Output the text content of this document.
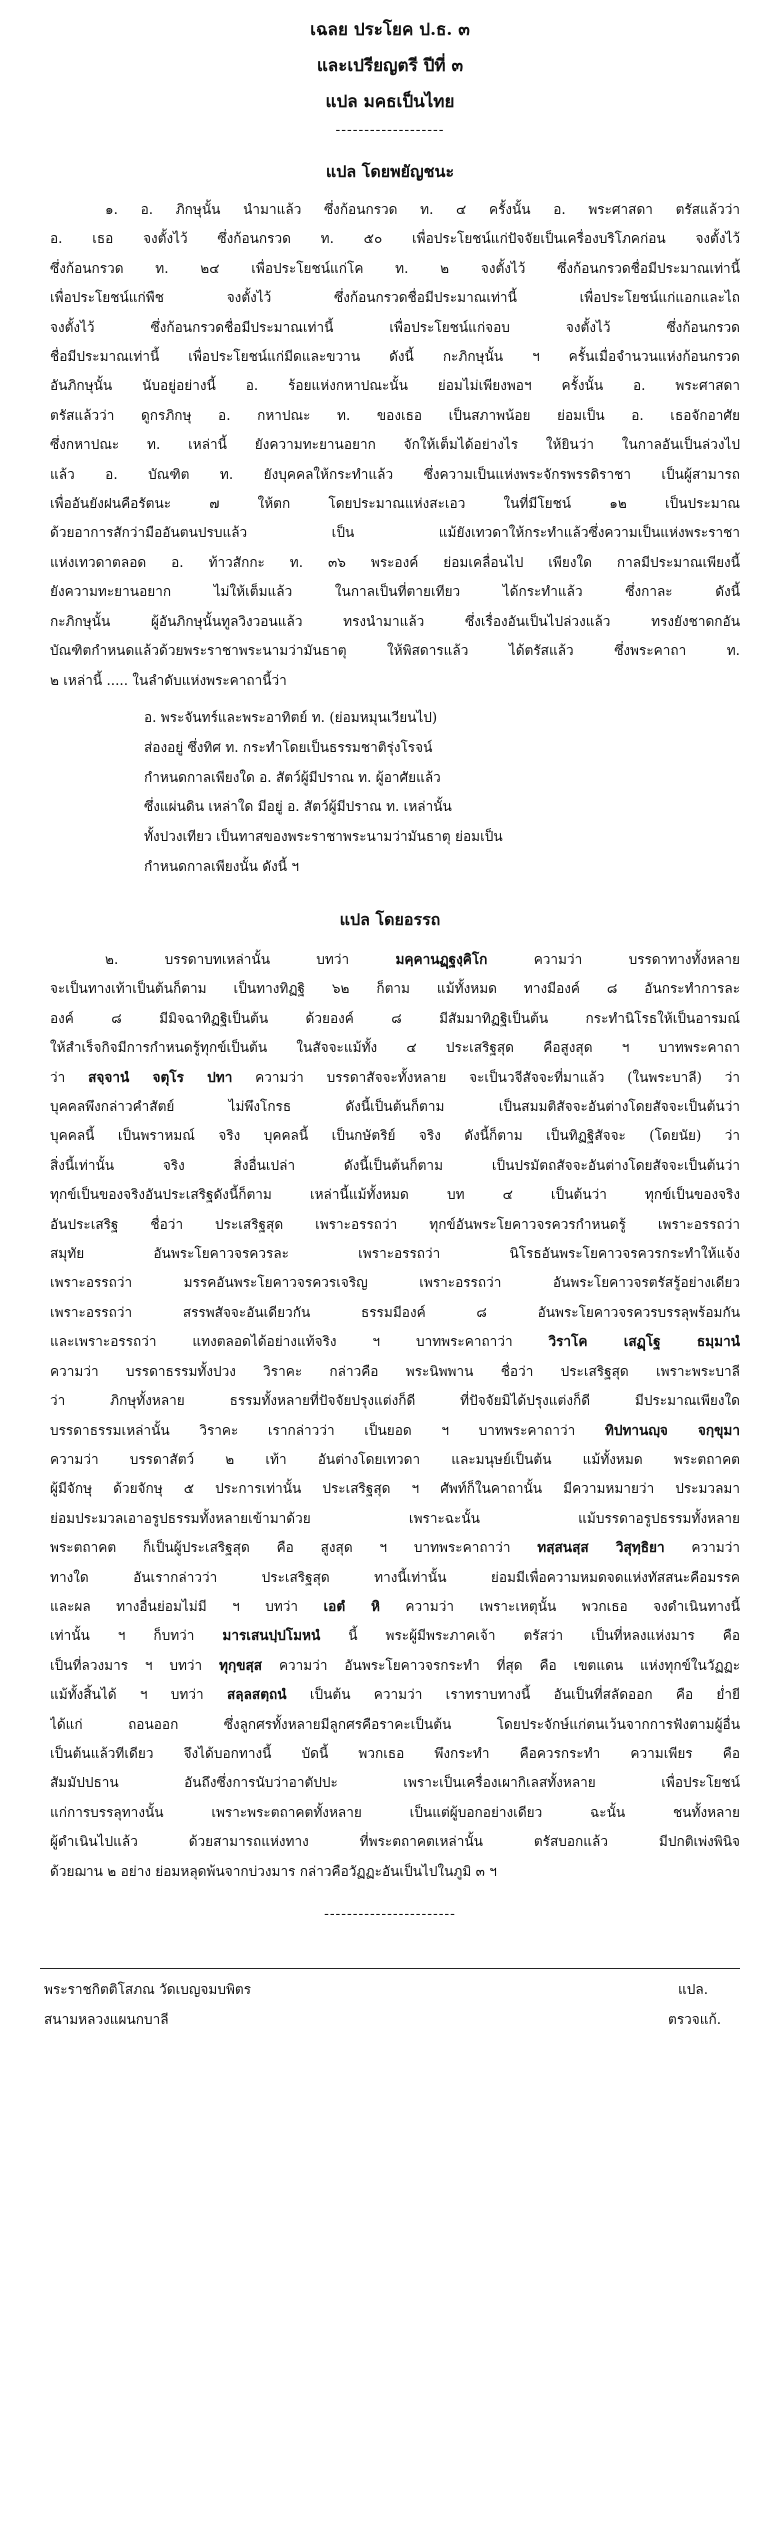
เฉลย ประโยค ป.ธ. ๓
และเปรียญตรี ปีที่ ๓
แปล มคธเป็นไทย
-------------------
แปล โดยพยัญชนะ
๑. อ. ภิกษุนั้น นำมาแล้ว ซึ่งก้อนกรวด ท. ๔ ครั้งนั้น อ. พระศาสดา ตรัสแล้วว่า
อ. เธอ จงตั้งไว้ ซึ่งก้อนกรวด ท. ๕๐ เพื่อประโยชน์แก่ปัจจัยเป็นเครื่องบริโภคก่อน จงตั้งไว้
ซึ่งก้อนกรวด ท. ๒๔ เพื่อประโยชน์แก่โค ท. ๒ จงตั้งไว้ ซึ่งก้อนกรวดชื่อมีประมาณเท่านี้
เพื่อประโยชน์แก่พืช จงตั้งไว้ ซึ่งก้อนกรวดชื่อมีประมาณเท่านี้ เพื่อประโยชน์แก่แอกและไถ
จงตั้งไว้ ซึ่งก้อนกรวดชื่อมีประมาณเท่านี้ เพื่อประโยชน์แก่จอบ จงตั้งไว้ ซึ่งก้อนกรวด
ชื่อมีประมาณเท่านี้ เพื่อประโยชน์แก่มีดและขวาน ดังนี้ กะภิกษุนั้น ฯ ครั้นเมื่อจำนวนแห่งก้อนกรวด
อันภิกษุนั้น นับอยู่อย่างนี้ อ. ร้อยแห่งกหาปณะนั้น ย่อมไม่เพียงพอฯ ครั้งนั้น อ. พระศาสดา
ตรัสแล้วว่า ดูกรภิกษุ อ. กหาปณะ ท. ของเธอ เป็นสภาพน้อย ย่อมเป็น อ. เธอจักอาศัย
ซึ่งกหาปณะ ท. เหล่านี้ ยังความทะยานอยาก จักให้เต็มได้อย่างไร ให้ยินว่า ในกาลอันเป็นล่วงไป
แล้ว อ. บัณฑิต ท. ยังบุคคลให้กระทำแล้ว ซึ่งความเป็นแห่งพระจักรพรรดิราชา เป็นผู้สามารถ
เพื่ออันยังฝนคือรัตนะ ๗ ให้ตก โดยประมาณแห่งสะเอว ในที่มีโยชน์ ๑๒ เป็นประมาณ
ด้วยอาการสักว่ามืออันตนปรบแล้ว เป็น แม้ยังเทวดาให้กระทำแล้วซึ่งความเป็นแห่งพระราชา
แห่งเทวดาตลอด อ. ท้าวสักกะ ท. ๓๖ พระองค์ ย่อมเคลื่อนไป เพียงใด กาลมีประมาณเพียงนี้
ยังความทะยานอยาก ไม่ให้เต็มแล้ว ในกาลเป็นที่ตายเทียว ได้กระทำแล้ว ซึ่งกาละ ดังนี้
กะภิกษุนั้น ผู้อันภิกษุนั้นทูลวิงวอนแล้ว ทรงนำมาแล้ว ซึ่งเรื่องอันเป็นไปล่วงแล้ว ทรงยังชาดกอัน
บัณฑิตกำหนดแล้วด้วยพระราชาพระนามว่ามันธาตุ ให้พิสดารแล้ว ได้ตรัสแล้ว ซึ่งพระคาถา ท.
๒ เหล่านี้ ..... ในลำดับแห่งพระคาถานี้ว่า
อ. พระจันทร์และพระอาทิตย์ ท. (ย่อมหมุนเวียนไป)
ส่องอยู่ ซึ่งทิศ ท. กระทำโดยเป็นธรรมชาติรุ่งโรจน์
กำหนดกาลเพียงใด อ. สัตว์ผู้มีปราณ ท. ผู้อาศัยแล้ว
ซึ่งแผ่นดิน เหล่าใด มีอยู่ อ. สัตว์ผู้มีปราณ ท. เหล่านั้น
ทั้งปวงเทียว เป็นทาสของพระราชาพระนามว่ามันธาตุ ย่อมเป็น
กำหนดกาลเพียงนั้น ดังนี้ ฯ
แปล โดยอรรถ
๒. บรรดาบทเหล่านั้น บทว่า มคฺคานฏฺฐงฺคิโก ความว่า บรรดาทางทั้งหลาย
จะเป็นทางเท้าเป็นต้นก็ตาม เป็นทางทิฏฐิ ๖๒ ก็ตาม แม้ทั้งหมด ทางมีองค์ ๘ อันกระทำการละ
องค์ ๘ มีมิจฉาทิฏฐิเป็นต้น ด้วยองค์ ๘ มีสัมมาทิฏฐิเป็นต้น กระทำนิโรธให้เป็นอารมณ์
ให้สำเร็จกิจมีการกำหนดรู้ทุกข์เป็นต้น ในสัจจะแม้ทั้ง ๔ ประเสริฐสุด คือสูงสุด ฯ บาทพระคาถา
ว่า สจฺจานํ จตุโร ปทา ความว่า บรรดาสัจจะทั้งหลาย จะเป็นวจีสัจจะที่มาแล้ว (ในพระบาลี) ว่า
บุคคลพึงกล่าวคำสัตย์ ไม่พึงโกรธ ดังนี้เป็นต้นก็ตาม เป็นสมมติสัจจะอันต่างโดยสัจจะเป็นต้นว่า
บุคคลนี้ เป็นพราหมณ์ จริง บุคคลนี้ เป็นกษัตริย์ จริง ดังนี้ก็ตาม เป็นทิฏฐิสัจจะ (โดยนัย) ว่า
สิ่งนี้เท่านั้น จริง สิ่งอื่นเปล่า ดังนี้เป็นต้นก็ตาม เป็นปรมัตถสัจจะอันต่างโดยสัจจะเป็นต้นว่า
ทุกข์เป็นของจริงอันประเสริฐดังนี้ก็ตาม เหล่านี้แม้ทั้งหมด บท ๔ เป็นต้นว่า ทุกข์เป็นของจริง
อันประเสริฐ ชื่อว่า ประเสริฐสุด เพราะอรรถว่า ทุกข์อันพระโยคาวจรควรกำหนดรู้ เพราะอรรถว่า
สมุทัย อันพระโยคาวจรควรละ เพราะอรรถว่า นิโรธอันพระโยคาวจรควรกระทำให้แจ้ง
เพราะอรรถว่า มรรคอันพระโยคาวจรควรเจริญ เพราะอรรถว่า อันพระโยคาวจรตรัสรู้อย่างเดียว
เพราะอรรถว่า สรรพสัจจะอันเดียวกัน ธรรมมีองค์ ๘ อันพระโยคาวจรควรบรรลุพร้อมกัน
และเพราะอรรถว่า แทงตลอดได้อย่างแท้จริง ฯ บาทพระคาถาว่า วิราโค เสฏฺโฐ ธมฺมานํ
ความว่า บรรดาธรรมทั้งปวง วิราคะ กล่าวคือ พระนิพพาน ชื่อว่า ประเสริฐสุด เพราะพระบาลี
ว่า ภิกษุทั้งหลาย ธรรมทั้งหลายที่ปัจจัยปรุงแต่งก็ดี ที่ปัจจัยมิได้ปรุงแต่งก็ดี มีประมาณเพียงใด
บรรดาธรรมเหล่านั้น วิราคะ เรากล่าวว่า เป็นยอด ฯ บาทพระคาถาว่า ทิปทานญฺจ จกฺขุมา
ความว่า บรรดาสัตว์ ๒ เท้า อันต่างโดยเทวดา และมนุษย์เป็นต้น แม้ทั้งหมด พระตถาคต
ผู้มีจักษุ ด้วยจักษุ ๕ ประการเท่านั้น ประเสริฐสุด ฯ ศัพท์ก็ในคาถานั้น มีความหมายว่า ประมวลมา
ย่อมประมวลเอาอรูปธรรมทั้งหลายเข้ามาด้วย เพราะฉะนั้น แม้บรรดาอรูปธรรมทั้งหลาย
พระตถาคต ก็เป็นผู้ประเสริฐสุด คือ สูงสุด ฯ บาทพระคาถาว่า ทสฺสนสฺส วิสุทฺธิยา ความว่า
ทางใด อันเรากล่าวว่า ประเสริฐสุด ทางนี้เท่านั้น ย่อมมีเพื่อความหมดจดแห่งทัสสนะคือมรรค
และผล ทางอื่นย่อมไม่มี ฯ บทว่า เอตํ หิ ความว่า เพราะเหตุนั้น พวกเธอ จงดำเนินทางนี้
เท่านั้น ฯ ก็บทว่า มารเสนปฺปโมหนํ นี้ พระผู้มีพระภาคเจ้า ตรัสว่า เป็นที่หลงแห่งมาร คือ
เป็นที่ลวงมาร ฯ บทว่า ทุกฺขสฺส ความว่า อันพระโยคาวจรกระทำ ที่สุด คือ เขตแดน แห่งทุกข์ในวัฏฏะ
แม้ทั้งสิ้นได้ ฯ บทว่า สลฺลสตฺถนํ เป็นต้น ความว่า เราทราบทางนี้ อันเป็นที่สลัดออก คือ ย่ำยี
ได้แก่ ถอนออก ซึ่งลูกศรทั้งหลายมีลูกศรคือราคะเป็นต้น โดยประจักษ์แก่ตนเว้นจากการฟังตามผู้อื่น
เป็นต้นแล้วทีเดียว จึงได้บอกทางนี้ บัดนี้ พวกเธอ พึงกระทำ คือควรกระทำ ความเพียร คือ
สัมมัปปธาน อันถึงซึ่งการนับว่าอาตัปปะ เพราะเป็นเครื่องเผากิเลสทั้งหลาย เพื่อประโยชน์
แก่การบรรลุทางนั้น เพราะพระตถาคตทั้งหลาย เป็นแต่ผู้บอกอย่างเดียว ฉะนั้น ชนทั้งหลาย
ผู้ดำเนินไปแล้ว ด้วยสามารถแห่งทาง ที่พระตถาคตเหล่านั้น ตรัสบอกแล้ว มีปกติเพ่งพินิจ
ด้วยฌาน ๒ อย่าง ย่อมหลุดพ้นจากบ่วงมาร กล่าวคือวัฏฏะอันเป็นไปในภูมิ ๓ ฯ
-----------------------
พระราชกิตติโสภณ วัดเบญจมบพิตร	แปล.
สนามหลวงแผนกบาลี	ตรวจแก้.
